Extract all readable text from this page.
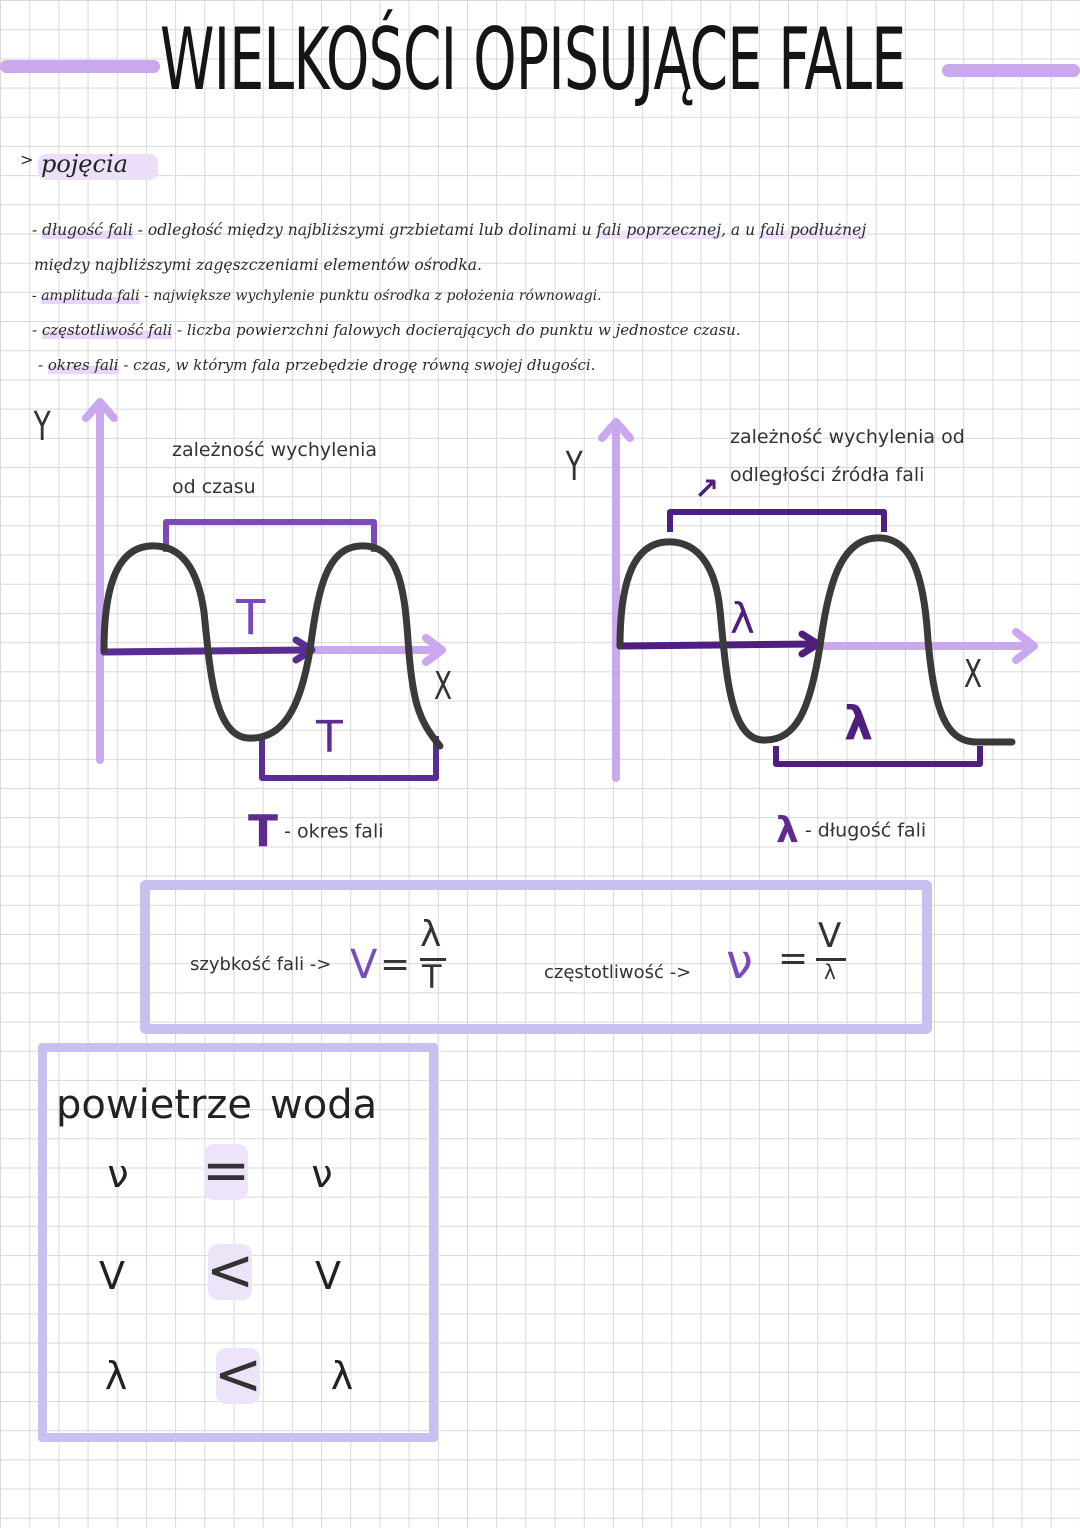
WIELKOŚCI OPISUJĄCE FALE
> pojęcia
- długość fali - odległość między najbliższymi grzbietami lub dolinami u fali poprzecznej, a u fali podłużnej
między najbliższymi zagęszczeniami elementów ośrodka.
- amplituda fali - największe wychylenie punktu ośrodka z położenia równowagi.
- częstotliwość fali - liczba powierzchni falowych docierających do punktu w jednostce czasu.
- okres fali - czas, w którym fala przebędzie drogę równą swojej długości.
Y
X
zależność wychylenia
od czasu
T
T
T - okres fali
Y
X
zależność wychylenia od
odległości źródła fali
↗
λ
λ
λ - długość fali
szybkość fali -> V =
λ
T	częstotliwość -> ν =
V
λ
powietrze woda
ν	=	ν
V <	V
λ	<	λ
